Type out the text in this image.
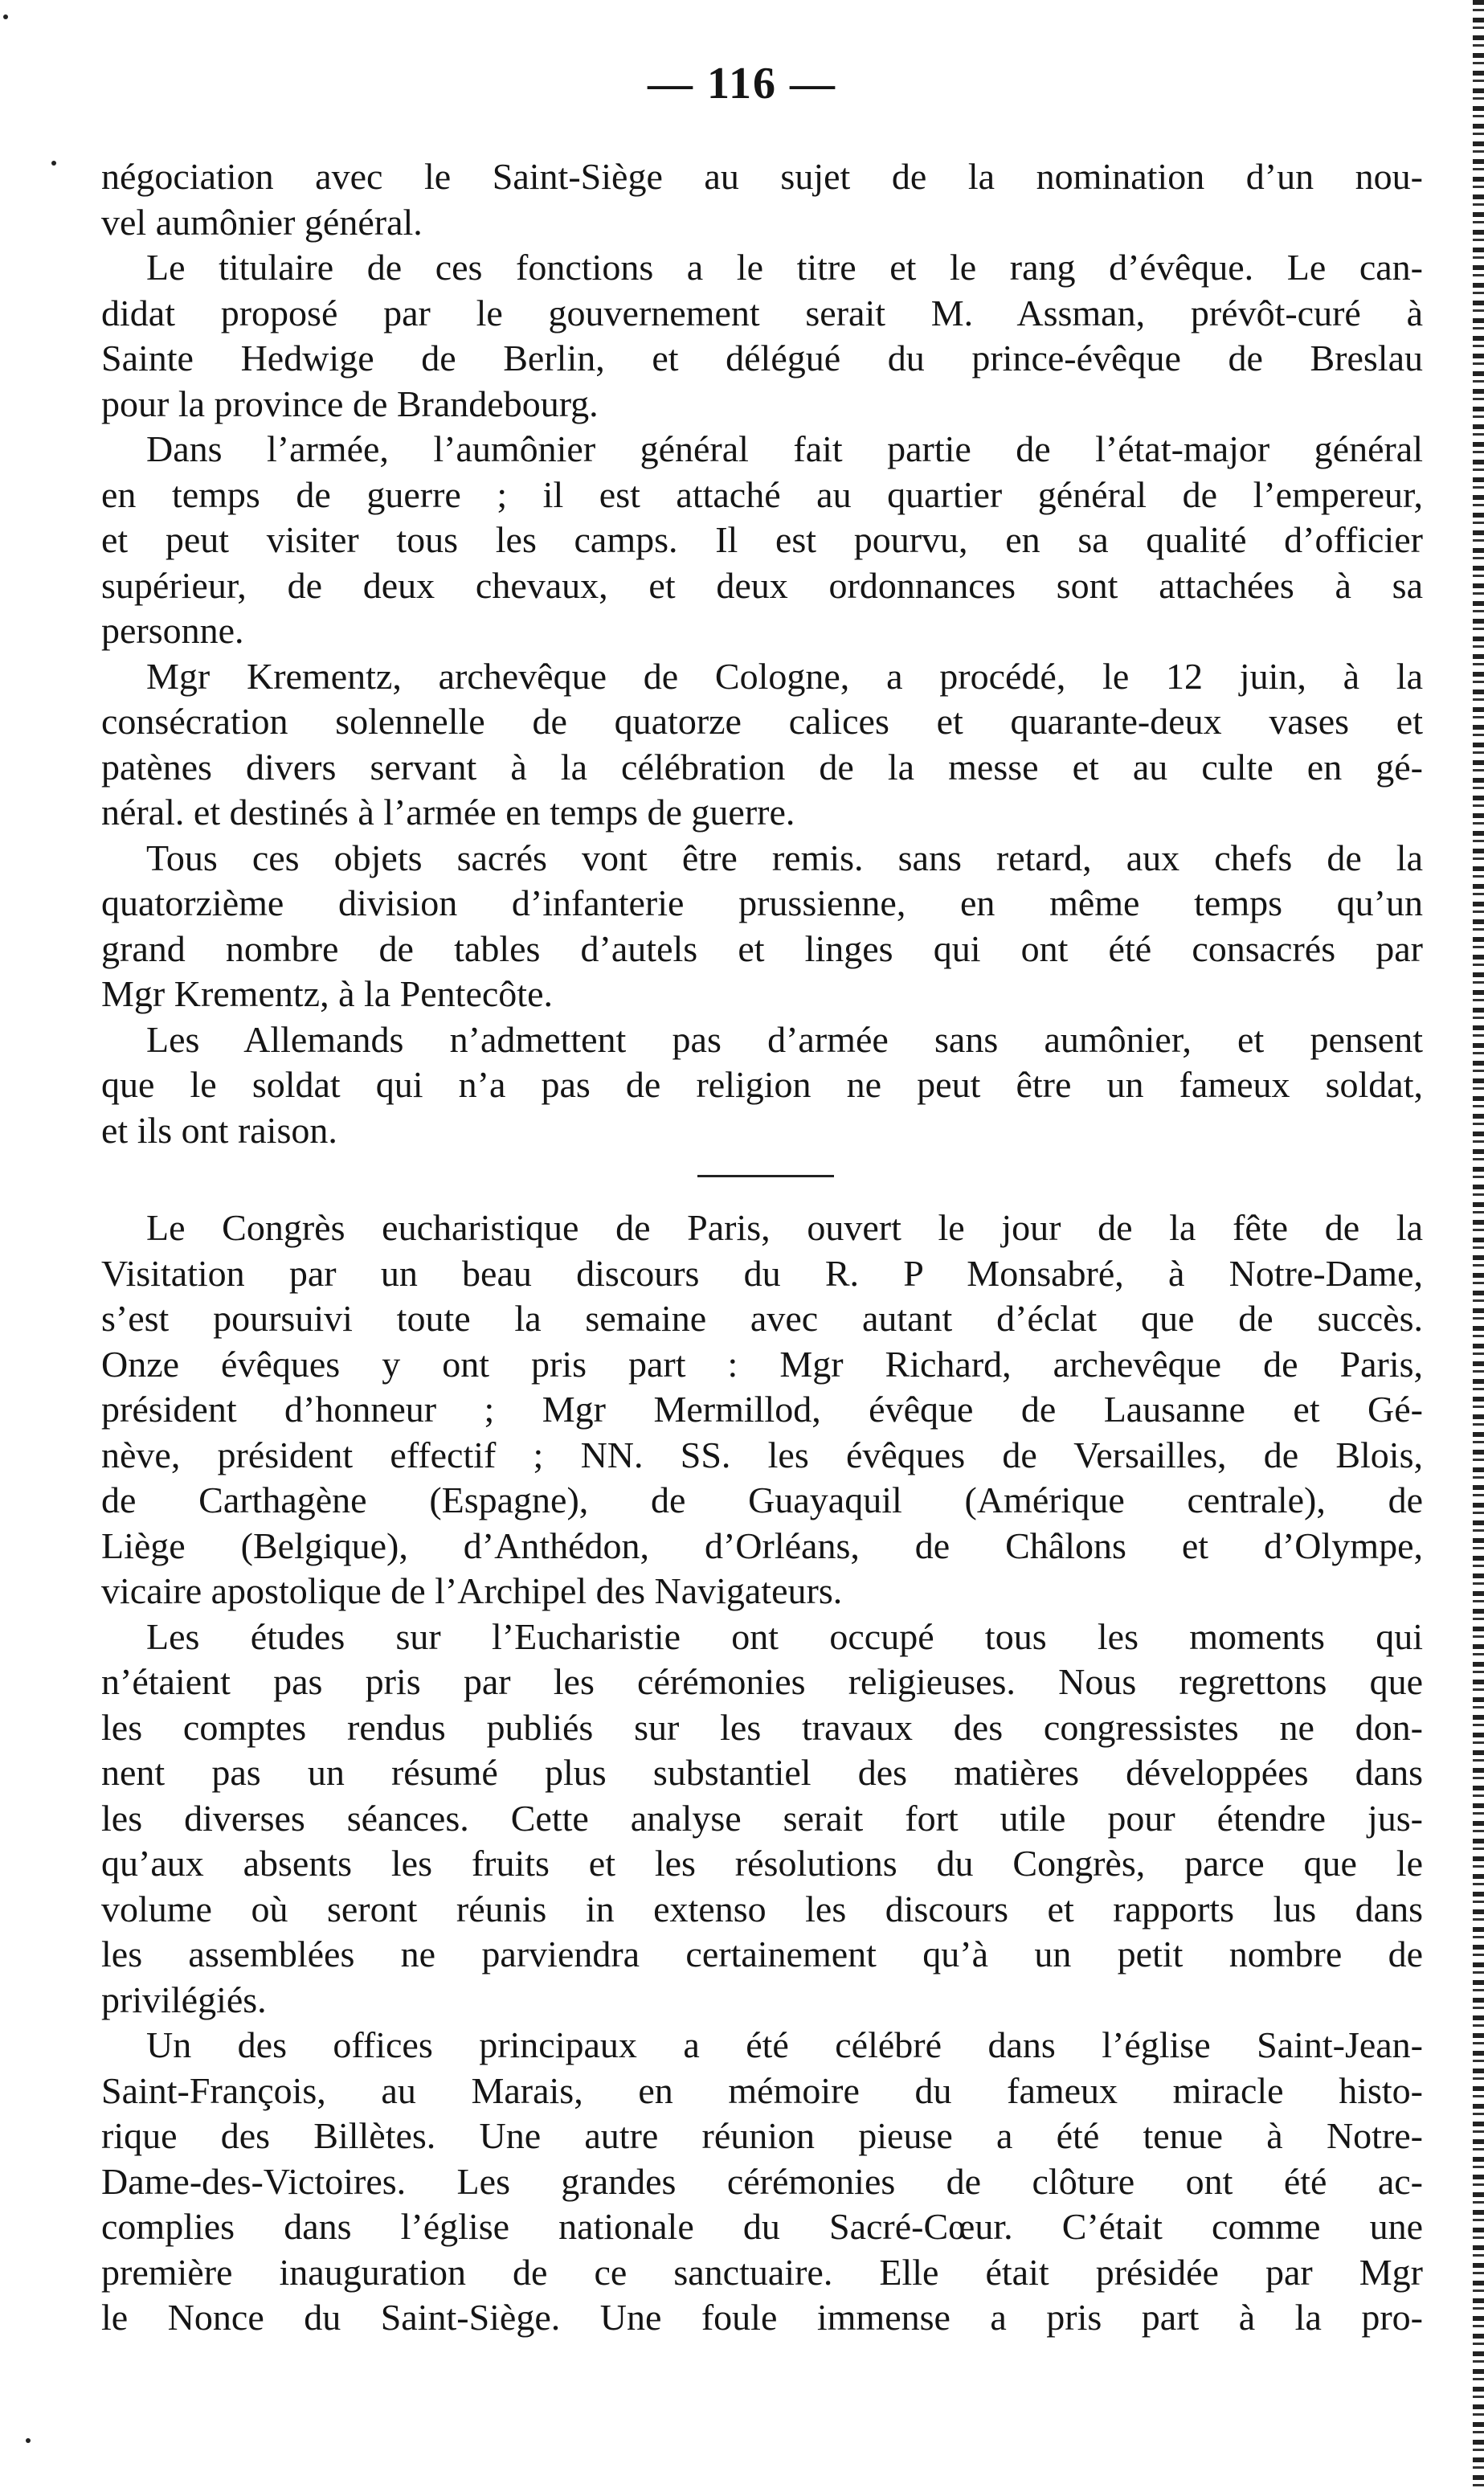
— 116 —
négociation avec le Saint-Siège au sujet de la nomination d’un nou-
vel aumônier général.
Le titulaire de ces fonctions a le titre et le rang d’évêque. Le can-
didat proposé par le gouvernement serait M. Assman, prévôt-curé à
Sainte Hedwige de Berlin, et délégué du prince-évêque de Breslau
pour la province de Brandebourg.
Dans l’armée, l’aumônier général fait partie de l’état-major général
en temps de guerre ; il est attaché au quartier général de l’empereur,
et peut visiter tous les camps. Il est pourvu, en sa qualité d’officier
supérieur, de deux chevaux, et deux ordonnances sont attachées à sa
personne.
Mgr Krementz, archevêque de Cologne, a procédé, le 12 juin, à la
consécration solennelle de quatorze calices et quarante-deux vases et
patènes divers servant à la célébration de la messe et au culte en gé-
néral. et destinés à l’armée en temps de guerre.
Tous ces objets sacrés vont être remis. sans retard, aux chefs de la
quatorzième division d’infanterie prussienne, en même temps qu’un
grand nombre de tables d’autels et linges qui ont été consacrés par
Mgr Krementz, à la Pentecôte.
Les Allemands n’admettent pas d’armée sans aumônier, et pensent
que le soldat qui n’a pas de religion ne peut être un fameux soldat,
et ils ont raison.
Le Congrès eucharistique de Paris, ouvert le jour de la fête de la
Visitation par un beau discours du R. P Monsabré, à Notre-Dame,
s’est poursuivi toute la semaine avec autant d’éclat que de succès.
Onze évêques y ont pris part : Mgr Richard, archevêque de Paris,
président d’honneur ; Mgr Mermillod, évêque de Lausanne et Gé-
nève, président effectif ; NN. SS. les évêques de Versailles, de Blois,
de Carthagène (Espagne), de Guayaquil (Amérique centrale), de
Liège (Belgique), d’Anthédon, d’Orléans, de Châlons et d’Olympe,
vicaire apostolique de l’Archipel des Navigateurs.
Les études sur l’Eucharistie ont occupé tous les moments qui
n’étaient pas pris par les cérémonies religieuses. Nous regrettons que
les comptes rendus publiés sur les travaux des congressistes ne don-
nent pas un résumé plus substantiel des matières développées dans
les diverses séances. Cette analyse serait fort utile pour étendre jus-
qu’aux absents les fruits et les résolutions du Congrès, parce que le
volume où seront réunis in extenso les discours et rapports lus dans
les assemblées ne parviendra certainement qu’à un petit nombre de
privilégiés.
Un des offices principaux a été célébré dans l’église Saint-Jean-
Saint-François, au Marais, en mémoire du fameux miracle histo-
rique des Billètes. Une autre réunion pieuse a été tenue à Notre-
Dame-des-Victoires. Les grandes cérémonies de clôture ont été ac-
complies dans l’église nationale du Sacré-Cœur. C’était comme une
première inauguration de ce sanctuaire. Elle était présidée par Mgr
le Nonce du Saint-Siège. Une foule immense a pris part à la pro-
